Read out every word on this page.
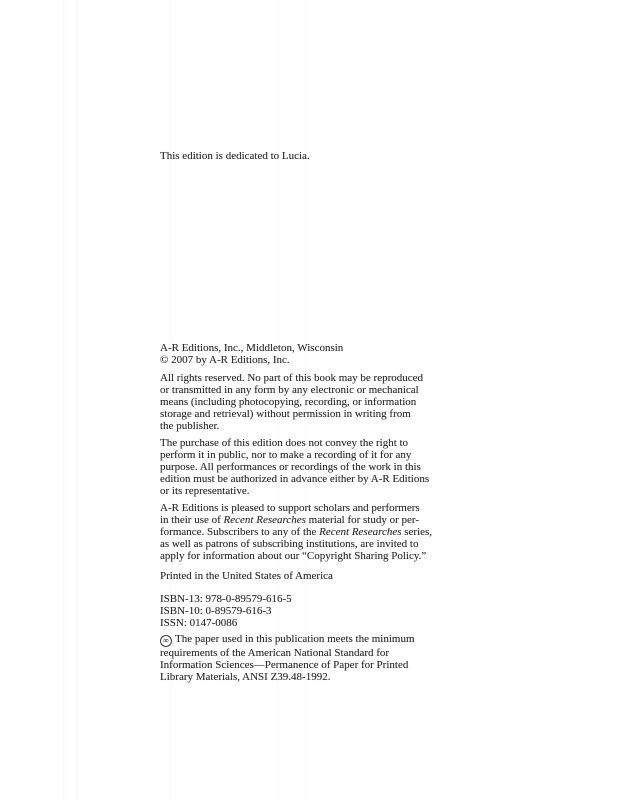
This edition is dedicated to Lucia.

A-R Editions, Inc., Middleton, Wisconsin
© 2007 by A-R Editions, Inc.
All rights reserved. No part of this book may be reproduced
or transmitted in any form by any electronic or mechanical
means (including photocopying, recording, or information
storage and retrieval) without permission in writing from
the publisher.
The purchase of this edition does not convey the right to
perform it in public, nor to make a recording of it for any
purpose. All performances or recordings of the work in this
edition must be authorized in advance either by A-R Editions
or its representative.
A-R Editions is pleased to support scholars and performers
in their use of Recent Researches material for study or per-
formance. Subscribers to any of the Recent Researches series,
as well as patrons of subscribing institutions, are invited to
apply for information about our “Copyright Sharing Policy.”
Printed in the United States of America
ISBN-13: 978-0-89579-616-5
ISBN-10: 0-89579-616-3
ISSN: 0147-0086
∞ The paper used in this publication meets the minimum
requirements of the American National Standard for
Information Sciences—Permanence of Paper for Printed
Library Materials, ANSI Z39.48-1992.
